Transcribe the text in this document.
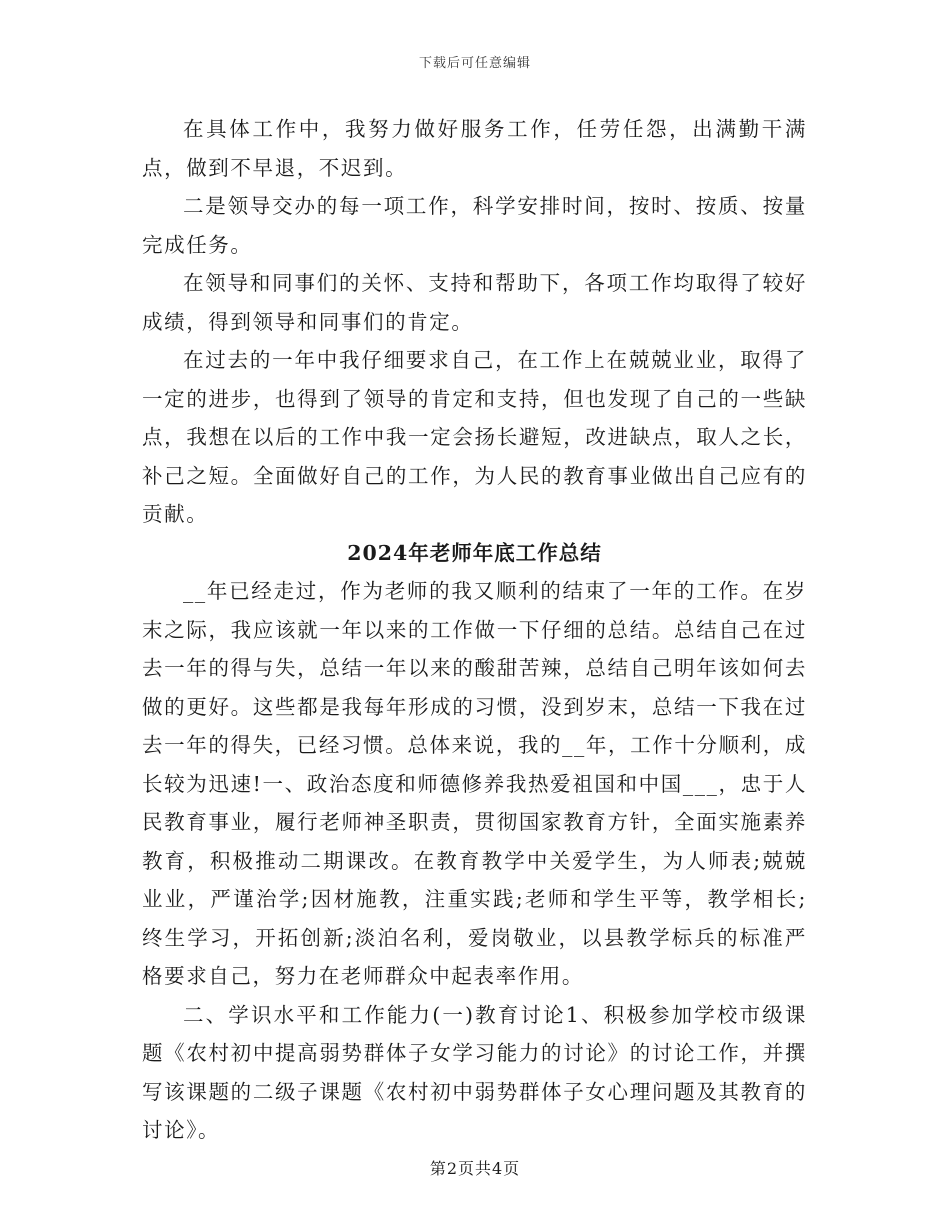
下载后可任意编辑

在具体工作中，我努力做好服务工作，任劳任怨，出满勤干满点，做到不早退，不迟到。

二是领导交办的每一项工作，科学安排时间，按时、按质、按量完成任务。

在领导和同事们的关怀、支持和帮助下，各项工作均取得了较好成绩，得到领导和同事们的肯定。

在过去的一年中我仔细要求自己，在工作上在兢兢业业，取得了一定的进步，也得到了领导的肯定和支持，但也发现了自己的一些缺点，我想在以后的工作中我一定会扬长避短，改进缺点，取人之长，补己之短。全面做好自己的工作，为人民的教育事业做出自己应有的贡献。

2024年老师年底工作总结

__年已经走过，作为老师的我又顺利的结束了一年的工作。在岁末之际，我应该就一年以来的工作做一下仔细的总结。总结自己在过去一年的得与失，总结一年以来的酸甜苦辣，总结自己明年该如何去做的更好。这些都是我每年形成的习惯，没到岁末，总结一下我在过去一年的得失，已经习惯。总体来说，我的__年，工作十分顺利，成长较为迅速!一、政治态度和师德修养我热爱祖国和中国___，忠于人民教育事业，履行老师神圣职责，贯彻国家教育方针，全面实施素养教育，积极推动二期课改。在教育教学中关爱学生，为人师表;兢兢业业，严谨治学;因材施教，注重实践;老师和学生平等，教学相长;终生学习，开拓创新;淡泊名利，爱岗敬业，以县教学标兵的标准严格要求自己，努力在老师群众中起表率作用。

二、学识水平和工作能力(一)教育讨论1、积极参加学校市级课题《农村初中提高弱势群体子女学习能力的讨论》的讨论工作，并撰写该课题的二级子课题《农村初中弱势群体子女心理问题及其教育的讨论》。

第2页共4页
